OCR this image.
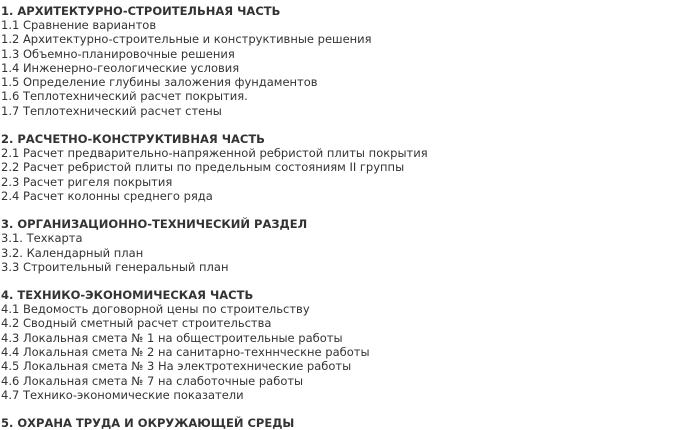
1. АРХИТЕКТУРНО-СТРОИТЕЛЬНАЯ ЧАСТЬ
1.1 Сравнение вариантов
1.2 Архитектурно-строительные и конструктивные решения
1.3 Объемно-планировочные решения
1.4 Инженерно-геологические условия
1.5 Определение глубины заложения фундаментов
1.6 Теплотехнический расчет покрытия.
1.7 Теплотехнический расчет стены
2. РАСЧЕТНО-КОНСТРУКТИВНАЯ ЧАСТЬ
2.1 Расчет предварительно-напряженной ребристой плиты покрытия
2.2 Расчет ребристой плиты по предельным состояниям II группы
2.3 Расчет ригеля покрытия
2.4 Расчет колонны среднего ряда
3. ОРГАНИЗАЦИОННО-ТЕХНИЧЕСКИЙ РАЗДЕЛ
3.1. Техкарта
3.2. Календарный план
3.3 Строительный генеральный план
4. ТЕХНИКО-ЭКОНОМИЧЕСКАЯ ЧАСТЬ
4.1 Ведомость договорной цены по строительству
4.2 Сводный сметный расчет строительства
4.3 Локальная смета № 1 на общестроительные работы
4.4 Локальная смета № 2 на санитарно-техннческне работы
4.5 Локальная смета № 3 На электротехнические работы
4.6 Локальная смета № 7 на слаботочные работы
4.7 Технико-экономические показатели
5. ОХРАНА ТРУДА И ОКРУЖАЮЩЕЙ СРЕДЫ
